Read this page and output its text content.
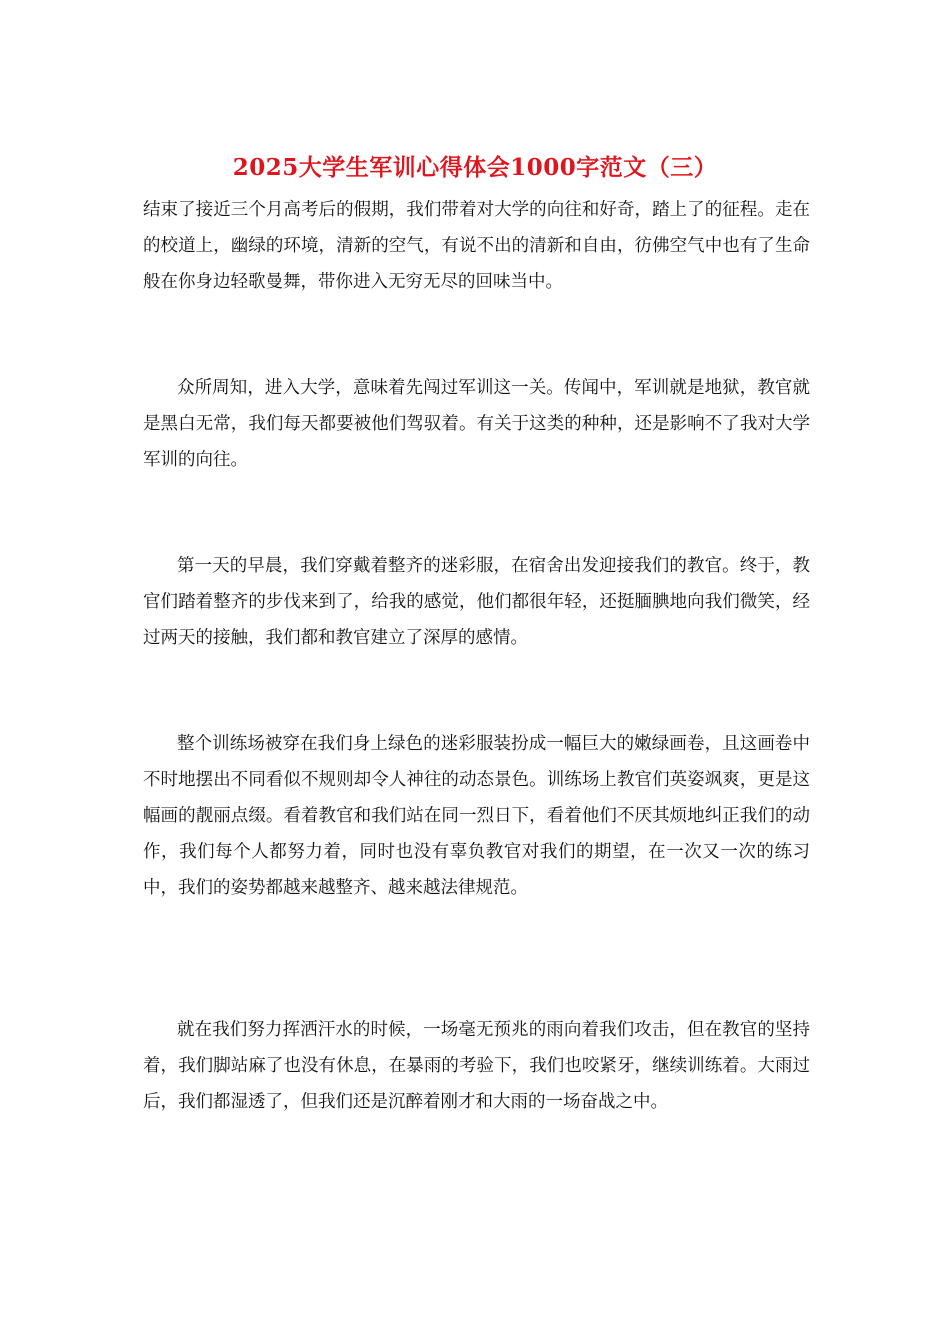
2025大学生军训心得体会1000字范文（三）

结束了接近三个月高考后的假期，我们带着对大学的向往和好奇，踏上了的征程。走在的校道上，幽绿的环境，清新的空气，有说不出的清新和自由，彷佛空气中也有了生命般在你身边轻歌曼舞，带你进入无穷无尽的回味当中。

众所周知，进入大学，意味着先闯过军训这一关。传闻中，军训就是地狱，教官就是黑白无常，我们每天都要被他们驾驭着。有关于这类的种种，还是影响不了我对大学军训的向往。

第一天的早晨，我们穿戴着整齐的迷彩服，在宿舍出发迎接我们的教官。终于，教官们踏着整齐的步伐来到了，给我的感觉，他们都很年轻，还挺腼腆地向我们微笑，经过两天的接触，我们都和教官建立了深厚的感情。

整个训练场被穿在我们身上绿色的迷彩服装扮成一幅巨大的嫩绿画卷，且这画卷中不时地摆出不同看似不规则却令人神往的动态景色。训练场上教官们英姿飒爽，更是这幅画的靓丽点缀。看着教官和我们站在同一烈日下，看着他们不厌其烦地纠正我们的动作，我们每个人都努力着，同时也没有辜负教官对我们的期望，在一次又一次的练习中，我们的姿势都越来越整齐、越来越法律规范。

就在我们努力挥洒汗水的时候，一场毫无预兆的雨向着我们攻击，但在教官的坚持着，我们脚站麻了也没有休息，在暴雨的考验下，我们也咬紧牙，继续训练着。大雨过后，我们都湿透了，但我们还是沉醉着刚才和大雨的一场奋战之中。
